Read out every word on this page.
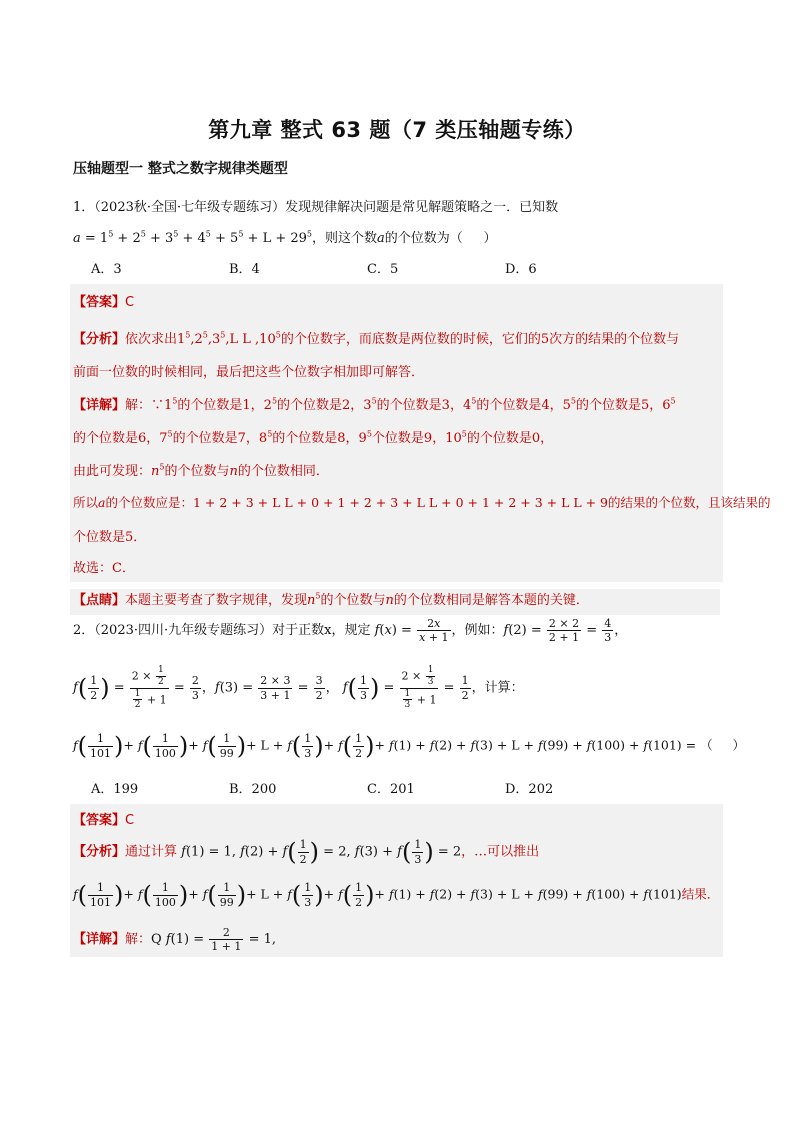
第九章 整式 63 题（7 类压轴题专练）
压轴题型一 整式之数字规律类题型
1．（2023秋·全国·七年级专题练习）发现规律解决问题是常见解题策略之一．已知数
$a = 1^5 + 2^5 + 3^5 + 4^5 + 5^5 + L + 29^5$，则这个数a的个位数为（     ）
A．3	B．4	C．5	D．6
【答案】C
【分析】依次求出$1^5,2^5,3^5,L$ L $,10^5$的个位数字，而底数是两位数的时候，它们的5次方的结果的个位数与
前面一位数的时候相同，最后把这些个位数字相加即可解答．
【详解】解：$\because 1^5$的个位数是1，$2^5$的个位数是2，$3^5$的个位数是3，$4^5$的个位数是4，$5^5$的个位数是5，$6^5$
的个位数是6，$7^5$的个位数是7，$8^5$的个位数是8，$9^5$个位数是9，$10^5$的个位数是0，
由此可发现：$n^5$的个位数与n的个位数相同．
所以a的个位数应是：1 + 2 + 3 + L L + 0 + 1 + 2 + 3 + L L + 0 + 1 + 2 + 3 + L L + 9的结果的个位数，且该结果的
个位数是5．
故选：C．
【点睛】本题主要考查了数字规律，发现$n^5$的个位数与n的个位数相同是解答本题的关键．
2．（2023·四川·九年级专题练习）对于正数x，规定 $f(x) = \frac{2x}{x + 1}$ ，例如：$f(2) = \frac{2 \times 2}{2 + 1} = \frac{4}{3}$ ，
$f( \frac{1}{2}$ ) = $\frac{2 \times \frac{1}{2}}{\frac{1}{2} + 1} = \frac{2}{3}$ ，$f(3) = \frac{2 \times 3}{3 + 1} = \frac{3}{2}$ ， $f( \frac{1}{3}$ ) = $\frac{2 \times \frac{1}{3}}{\frac{1}{3} + 1} = \frac{1}{2}$ ，计算：
$f( \frac{1}{101}$ )+ $f( \frac{1}{100}$ )+ $f( \frac{1}{99}$ )+ $L + f( \frac{1}{3}$ )+ $f( \frac{1}{2}$ )+ f(1) + f(2) + f(3) + L + f(99) + f(100) + f(101) = （     ）
A．199	B．200	C．201	D．202
【答案】C
【分析】通过计算 f(1) = 1, $f(2) + f( \frac{1}{2}$ ) = 2, $f(3) + f( \frac{1}{3}$ ) = 2，…可以推出
$f( \frac{1}{101}$ )+ $f( \frac{1}{100}$ )+ $f( \frac{1}{99}$ )+ $L + f( \frac{1}{3}$ )+ $f( \frac{1}{2}$ )+ f(1) + f(2) + f(3) + L + f(99) + f(100) + f(101)结果．
【详解】解：Q $f(1) = \frac{2}{1 + 1} = 1$,
